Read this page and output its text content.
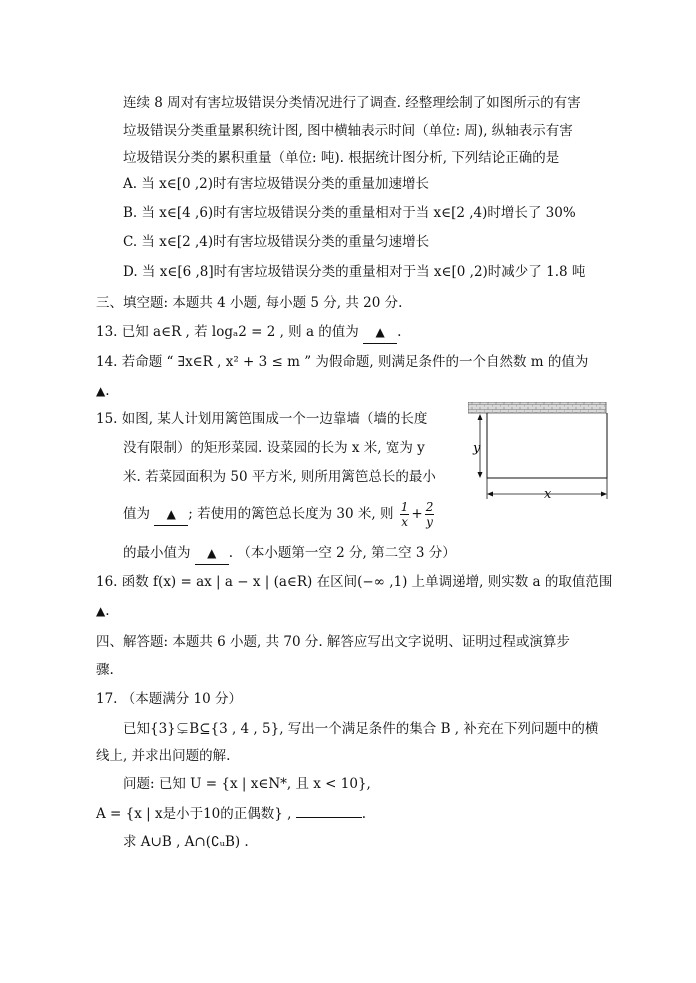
连续 8 周对有害垃圾错误分类情况进行了调查. 经整理绘制了如图所示的有害
垃圾错误分类重量累积统计图, 图中横轴表示时间（单位: 周), 纵轴表示有害
垃圾错误分类的累积重量（单位: 吨). 根据统计图分析, 下列结论正确的是
A. 当 x∈[0 ,2)时有害垃圾错误分类的重量加速增长
B. 当 x∈[4 ,6)时有害垃圾错误分类的重量相对于当 x∈[2 ,4)时增长了 30%
C. 当 x∈[2 ,4)时有害垃圾错误分类的重量匀速增长
D. 当 x∈[6 ,8]时有害垃圾错误分类的重量相对于当 x∈[0 ,2)时减少了 1.8 吨
三、填空题: 本题共 4 小题, 每小题 5 分, 共 20 分.
13. 已知 a∈R , 若 logₐ2 = 2 , 则 a 的值为 ▲ .
14. 若命题 “ ∃x∈R , x² + 3 ≤ m ” 为假命题, 则满足条件的一个自然数 m 的值为
▲.
15. 如图, 某人计划用篱笆围成一个一边靠墙（墙的长度
没有限制）的矩形菜园. 设菜园的长为 x 米, 宽为 y
米. 若菜园面积为 50 平方米, 则所用篱笆总长的最小
值为 ▲ ; 若使用的篱笆总长度为 30 米, 则 $\frac{1}{x} + \frac{2}{y}$
的最小值为 ▲ . （本小题第一空 2 分, 第二空 3 分）
y
x
16. 函数 f(x) = ax | a − x | (a∈R) 在区间(−∞ ,1) 上单调递增, 则实数 a 的取值范围
▲.
四、解答题: 本题共 6 小题, 共 70 分. 解答应写出文字说明、证明过程或演算步
骤.
17. （本题满分 10 分）
已知{3}⊊B⊆{3 , 4 , 5}, 写出一个满足条件的集合 B , 补充在下列问题中的横
线上, 并求出问题的解.
问题: 已知 U = {x | x∈N*, 且 x < 10},
A = {x | x是小于10的正偶数} ,	.
求 A∪B , A∩(∁ᵤB) .
